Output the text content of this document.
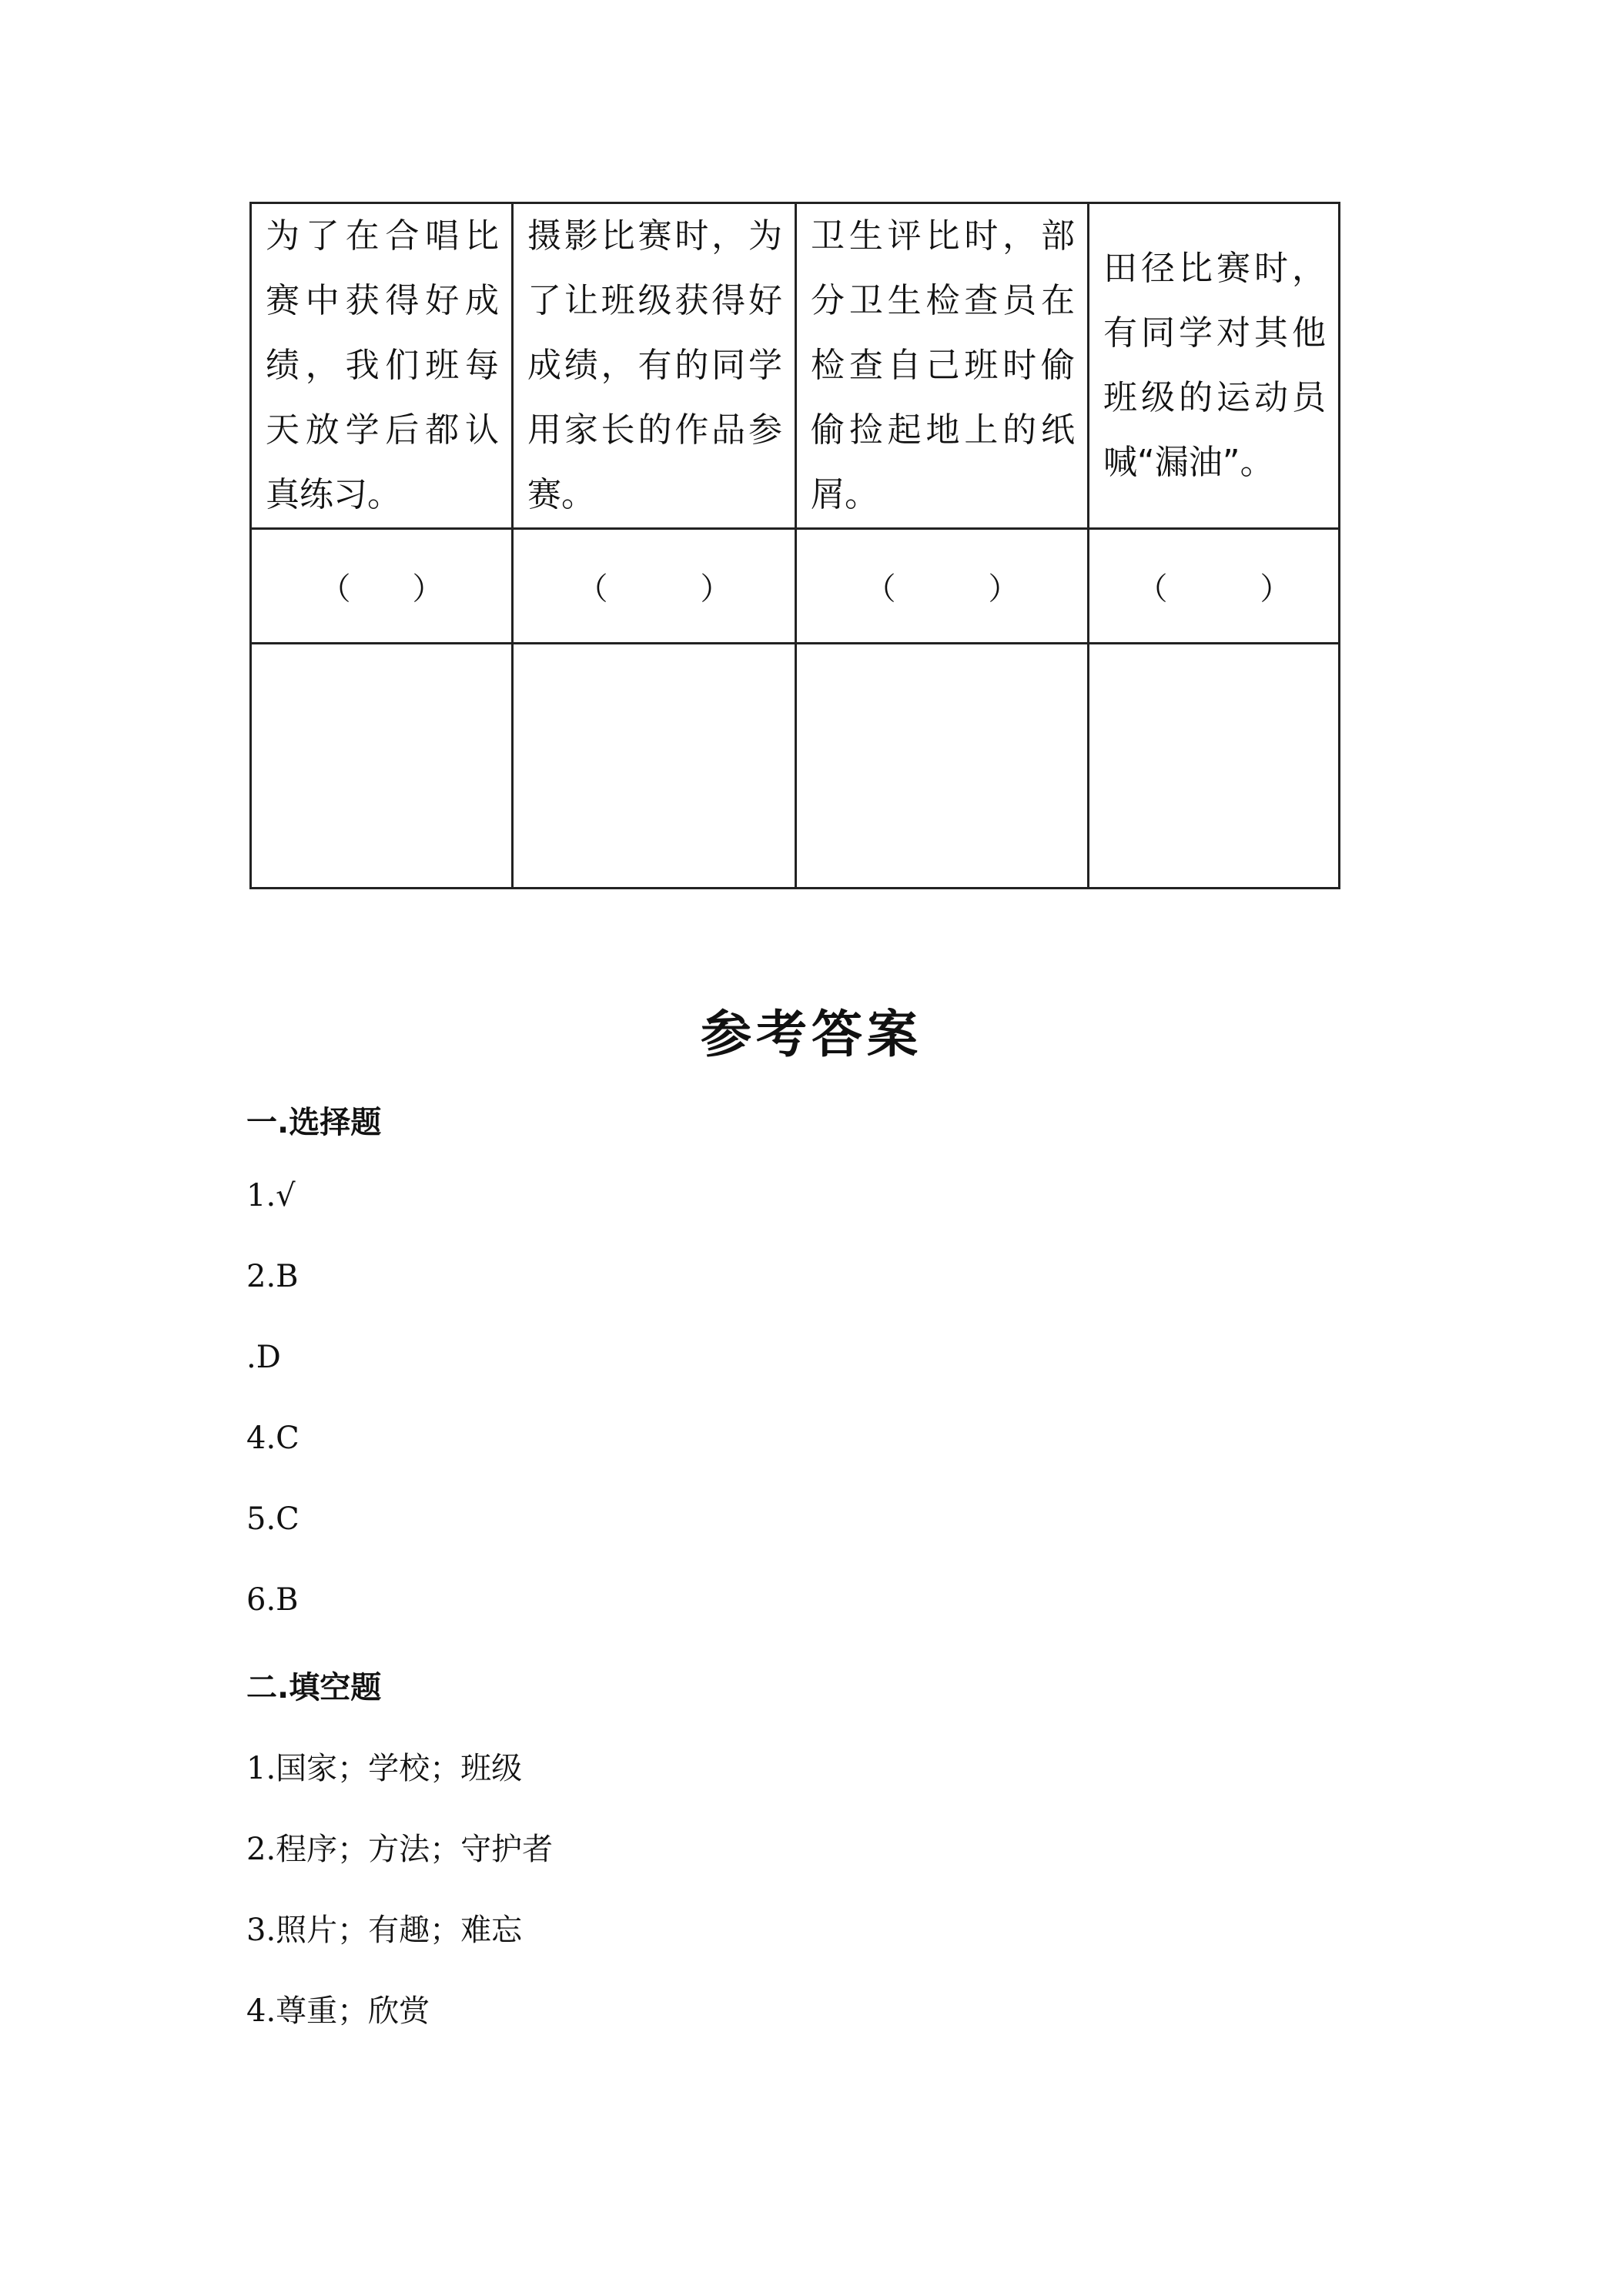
为了在合唱比赛中获得好成绩，我们班每天放学后都认真练习。	摄影比赛时，为了让班级获得好成绩，有的同学用家长的作品参赛。	卫生评比时，部分卫生检查员在检查自己班时偷偷捡起地上的纸屑。	田径比赛时，有同学对其他班级的运动员喊“漏油”。

（　　）	（　　　）	（　　　）	（　　　）

参考答案
一.选择题
1.√
2.B
.D
4.C
5.C
6.B
二.填空题
1.国家；学校；班级
2.程序；方法；守护者
3.照片；有趣；难忘
4.尊重；欣赏
